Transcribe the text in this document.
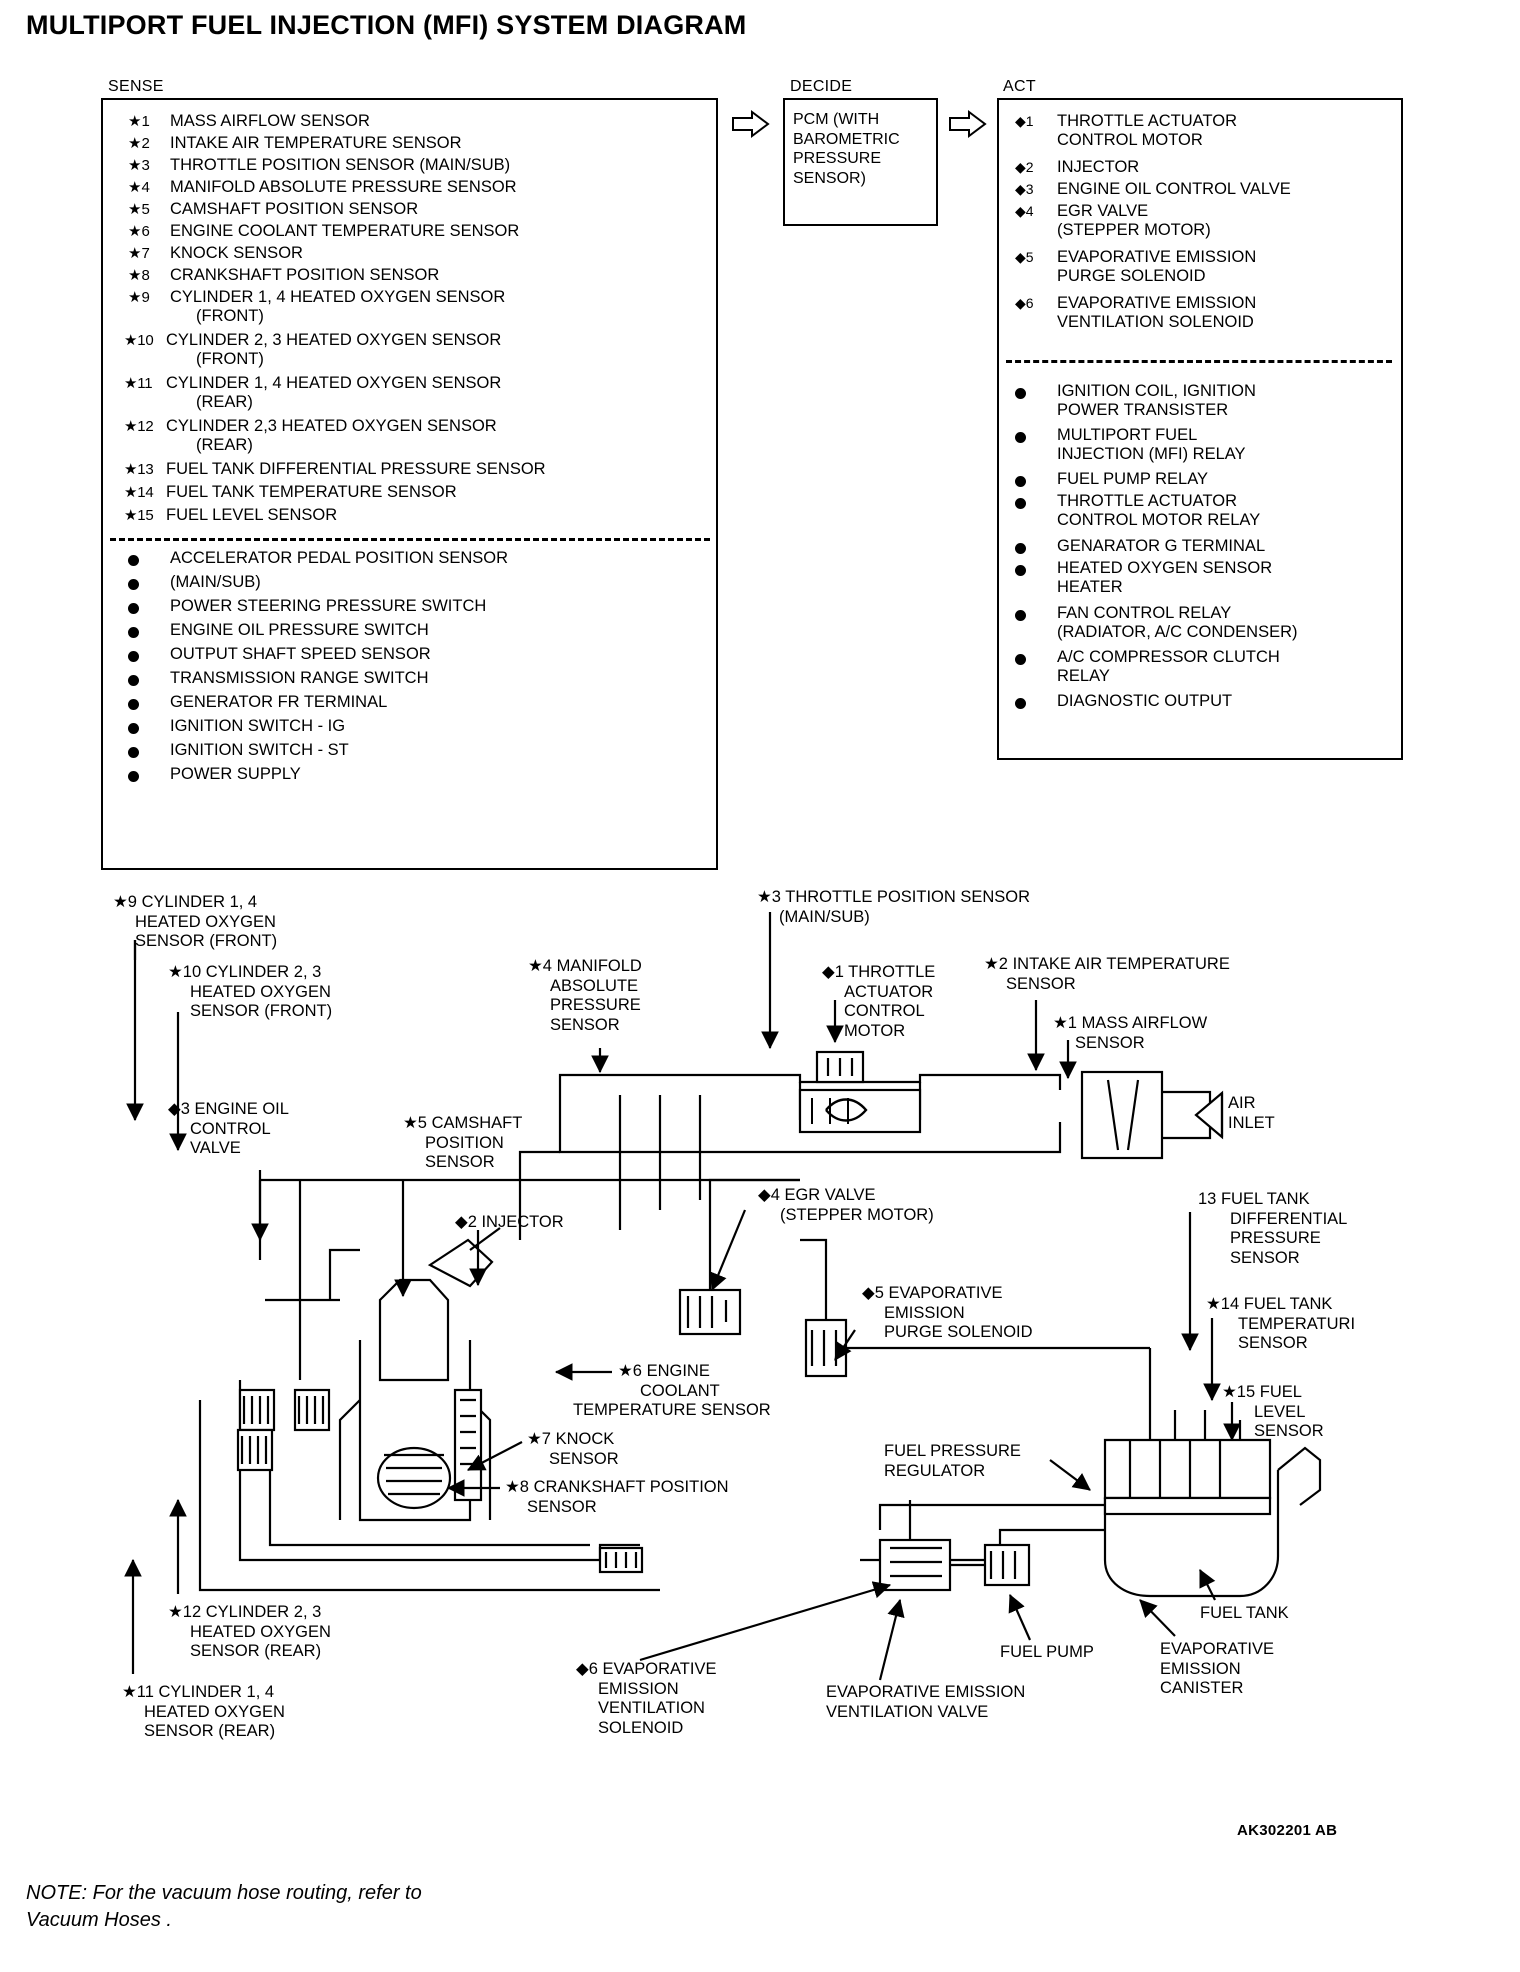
MULTIPORT FUEL INJECTION (MFI) SYSTEM DIAGRAM
SENSE	DECIDE	ACT
★1	MASS AIRFLOW SENSOR
★2	INTAKE AIR TEMPERATURE SENSOR
★3	THROTTLE POSITION SENSOR (MAIN/SUB)
★4	MANIFOLD ABSOLUTE PRESSURE SENSOR
★5	CAMSHAFT POSITION SENSOR
★6	ENGINE COOLANT TEMPERATURE SENSOR
★7	KNOCK SENSOR
★8	CRANKSHAFT POSITION SENSOR
★9	CYLINDER 1, 4 HEATED OXYGEN SENSOR
(FRONT)
★10 CYLINDER 2, 3 HEATED OXYGEN SENSOR
(FRONT)
★11 CYLINDER 1, 4 HEATED OXYGEN SENSOR
(REAR)
★12 CYLINDER 2,3 HEATED OXYGEN SENSOR
(REAR)
★13 FUEL TANK DIFFERENTIAL PRESSURE SENSOR
★14 FUEL TANK TEMPERATURE SENSOR
★15 FUEL LEVEL SENSOR
ACCELERATOR PEDAL POSITION SENSOR
(MAIN/SUB)
POWER STEERING PRESSURE SWITCH
ENGINE OIL PRESSURE SWITCH
OUTPUT SHAFT SPEED SENSOR
TRANSMISSION RANGE SWITCH
GENERATOR FR TERMINAL
IGNITION SWITCH - IG
IGNITION SWITCH - ST
POWER SUPPLY
PCM (WITH BAROMETRIC PRESSURE SENSOR)
◆1	THROTTLE ACTUATOR
CONTROL MOTOR
◆2	INJECTOR
◆3	ENGINE OIL CONTROL VALVE
◆4	EGR VALVE
(STEPPER MOTOR)
◆5	EVAPORATIVE EMISSION
PURGE SOLENOID
◆6	EVAPORATIVE EMISSION
VENTILATION SOLENOID
IGNITION COIL, IGNITION
POWER TRANSISTER
MULTIPORT FUEL
INJECTION (MFI) RELAY
FUEL PUMP RELAY
THROTTLE ACTUATOR
CONTROL MOTOR RELAY
GENARATOR G TERMINAL
HEATED OXYGEN SENSOR
HEATER
FAN CONTROL RELAY
(RADIATOR, A/C CONDENSER)
A/C COMPRESSOR CLUTCH
RELAY
DIAGNOSTIC OUTPUT
★9 CYLINDER 1, 4
HEATED OXYGEN
SENSOR (FRONT)
★10 CYLINDER 2, 3
HEATED OXYGEN
SENSOR (FRONT)
◆3 ENGINE OIL
CONTROL
VALVE
★5 CAMSHAFT
POSITION
SENSOR
★4 MANIFOLD
ABSOLUTE
PRESSURE
SENSOR
★3 THROTTLE POSITION SENSOR
(MAIN/SUB)
◆1 THROTTLE
ACTUATOR
CONTROL
MOTOR
★2 INTAKE AIR TEMPERATURE
SENSOR
★1 MASS AIRFLOW
SENSOR
AIR
INLET
◆2 INJECTOR
◆4 EGR VALVE
(STEPPER MOTOR)
◆5 EVAPORATIVE
EMISSION
PURGE SOLENOID
★6 ENGINE
COOLANT
TEMPERATURE SENSOR
★7 KNOCK
SENSOR
★8 CRANKSHAFT POSITION
SENSOR
13 FUEL TANK
DIFFERENTIAL
PRESSURE
SENSOR
★14 FUEL TANK
TEMPERATURI
SENSOR
★15 FUEL
LEVEL
SENSOR
FUEL PRESSURE
REGULATOR
FUEL TANK
FUEL PUMP	EVAPORATIVE
EMISSION
CANISTER
EVAPORATIVE EMISSION
VENTILATION VALVE
◆6 EVAPORATIVE
EMISSION
VENTILATION
SOLENOID
★12 CYLINDER 2, 3
HEATED OXYGEN
SENSOR (REAR)
★11 CYLINDER 1, 4
HEATED OXYGEN
SENSOR (REAR)
AK302201 AB
NOTE: For the vacuum hose routing, refer to
Vacuum Hoses .
